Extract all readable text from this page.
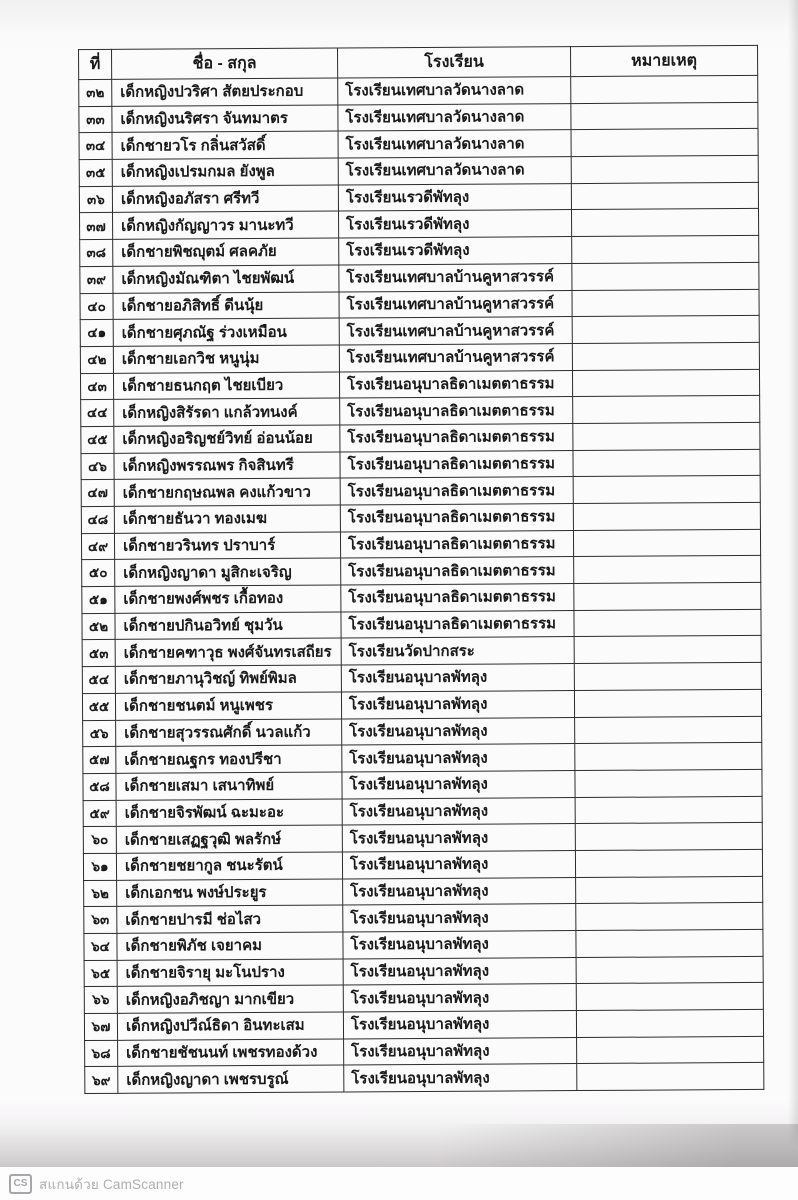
ที่	ชื่อ - สกุล	โรงเรียน	หมายเหตุ
๓๒	เด็กหญิงปวริศา สัตยประกอบ	โรงเรียนเทศบาลวัดนางลาด	
๓๓	เด็กหญิงนริศรา จันทมาตร	โรงเรียนเทศบาลวัดนางลาด	
๓๔	เด็กชายวโร กลิ่นสวัสดิ์	โรงเรียนเทศบาลวัดนางลาด	
๓๕	เด็กหญิงเปรมกมล ยังพูล	โรงเรียนเทศบาลวัดนางลาด	
๓๖	เด็กหญิงอภัสรา ศรีทวี	โรงเรียนเรวดีพัทลุง	
๓๗	เด็กหญิงกัญญาวร มานะทวี	โรงเรียนเรวดีพัทลุง	
๓๘	เด็กชายพิชญุตม์ ศลคภัย	โรงเรียนเรวดีพัทลุง	
๓๙	เด็กหญิงมัณฑิตา ไชยพัฒน์	โรงเรียนเทศบาลบ้านคูหาสวรรค์	
๔๐	เด็กชายอภิสิทธิ์ ดีนนุ้ย	โรงเรียนเทศบาลบ้านคูหาสวรรค์	
๔๑	เด็กชายศุภณัฐ ร่วงเหมือน	โรงเรียนเทศบาลบ้านคูหาสวรรค์	
๔๒	เด็กชายเอกวิช หนูนุ่ม	โรงเรียนเทศบาลบ้านคูหาสวรรค์	
๔๓	เด็กชายธนกฤต ไชยเบียว	โรงเรียนอนุบาลธิดาเมตตาธรรม	
๔๔	เด็กหญิงสิรัรดา แกล้วทนงค์	โรงเรียนอนุบาลธิดาเมตตาธรรม	
๔๕	เด็กหญิงอริญชย์วิทย์ อ่อนน้อย	โรงเรียนอนุบาลธิดาเมตตาธรรม	
๔๖	เด็กหญิงพรรณพร กิจสินทรี	โรงเรียนอนุบาลธิดาเมตตาธรรม	
๔๗	เด็กชายกฤษณพล คงแก้วขาว	โรงเรียนอนุบาลธิดาเมตตาธรรม	
๔๘	เด็กชายธันวา ทองเมฆ	โรงเรียนอนุบาลธิดาเมตตาธรรม	
๔๙	เด็กชายวรินทร ปราบาร์	โรงเรียนอนุบาลธิดาเมตตาธรรม	
๕๐	เด็กหญิงญาดา มูสิกะเจริญ	โรงเรียนอนุบาลธิดาเมตตาธรรม	
๕๑	เด็กชายพงศ์พชร เกื้อทอง	โรงเรียนอนุบาลธิดาเมตตาธรรม	
๕๒	เด็กชายปกินอวิทย์ ชุมวัน	โรงเรียนอนุบาลธิดาเมตตาธรรม	
๕๓	เด็กชายคฑาวุธ พงศ์จันทรเสถียร	โรงเรียนวัดปากสระ	
๕๔	เด็กชายภานุวิชญ์ ทิพย์พิมล	โรงเรียนอนุบาลพัทลุง	
๕๕	เด็กชายชนตม์ หนูเพชร	โรงเรียนอนุบาลพัทลุง	
๕๖	เด็กชายสุวรรณศักดิ์ นวลแก้ว	โรงเรียนอนุบาลพัทลุง	
๕๗	เด็กชายณฐกร ทองปรีชา	โรงเรียนอนุบาลพัทลุง	
๕๘	เด็กชายเสมา เสนาทิพย์	โรงเรียนอนุบาลพัทลุง	
๕๙	เด็กชายจิรพัฒน์ ฉะมะอะ	โรงเรียนอนุบาลพัทลุง	
๖๐	เด็กชายเสฏฐวุฒิ พลรักษ์	โรงเรียนอนุบาลพัทลุง	
๖๑	เด็กชายชยากูล ชนะรัตน์	โรงเรียนอนุบาลพัทลุง	
๖๒	เด็กเอกชน พงษ์ประยูร	โรงเรียนอนุบาลพัทลุง	
๖๓	เด็กชายปารมี ช่อไสว	โรงเรียนอนุบาลพัทลุง	
๖๔	เด็กชายพิภัช เจยาคม	โรงเรียนอนุบาลพัทลุง	
๖๕	เด็กชายจิรายุ มะโนปราง	โรงเรียนอนุบาลพัทลุง	
๖๖	เด็กหญิงอภิชญา มากเขียว	โรงเรียนอนุบาลพัทลุง	
๖๗	เด็กหญิงปวีณ์ธิดา อินทะเสม	โรงเรียนอนุบาลพัทลุง	
๖๘	เด็กชายชัชนนท์ เพชรทองด้วง	โรงเรียนอนุบาลพัทลุง	
๖๙	เด็กหญิงญาดา เพชรบรูณ์	โรงเรียนอนุบาลพัทลุง	
CS สแกนด้วย CamScanner
